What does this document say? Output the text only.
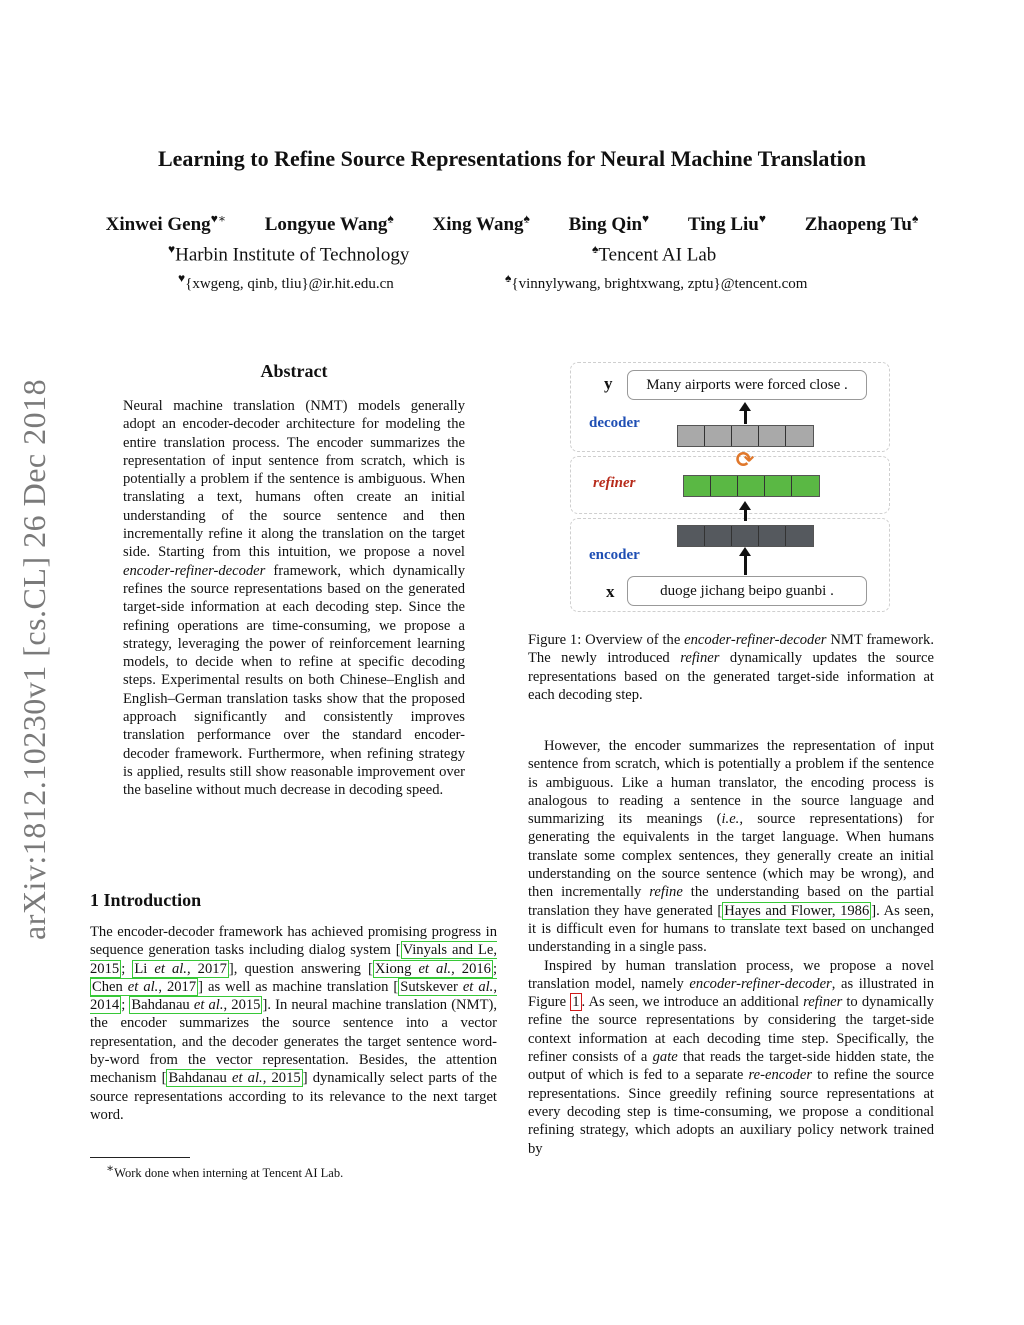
Learning to Refine Source Representations for Neural Machine Translation
Xinwei Geng♥∗ Longyue Wang♠ Xing Wang♠ Bing Qin♥ Ting Liu♥ Zhaopeng Tu♠
♥Harbin Institute of Technology	♠Tencent AI Lab
♥{xwgeng, qinb, tliu}@ir.hit.edu.cn	♠{vinnylywang, brightxwang, zptu}@tencent.com
arXiv:1812.10230v1 [cs.CL] 26 Dec 2018
Abstract
Neural machine translation (NMT) models generally adopt an encoder-decoder architecture for modeling the entire translation process. The encoder summarizes the representation of input sentence from scratch, which is potentially a problem if the sentence is ambiguous. When translating a text, humans often create an initial understanding of the source sentence and then incrementally refine it along the translation on the target side. Starting from this intuition, we propose a novel encoder-refiner-decoder framework, which dynamically refines the source representations based on the generated target-side information at each decoding step. Since the refining operations are time-consuming, we propose a strategy, leveraging the power of reinforcement learning models, to decide when to refine at specific decoding steps. Experimental results on both Chinese–English and English–German translation tasks show that the proposed approach significantly and consistently improves translation performance over the standard encoder-decoder framework. Furthermore, when refining strategy is applied, results still show reasonable improvement over the baseline without much decrease in decoding speed.
1 Introduction
The encoder-decoder framework has achieved promising progress in sequence generation tasks including dialog system [ Vinyals and Le, 2015 ; Li et al., 2017 ], question answering [ Xiong et al., 2016 ; Chen et al., 2017 ] as well as machine translation [ Sutskever et al., 2014 ; Bahdanau et al., 2015 ]. In neural machine translation (NMT), the encoder summarizes the source sentence into a vector representation, and the decoder generates the target sentence word-by-word from the vector representation. Besides, the attention mechanism [ Bahdanau et al., 2015 ] dynamically select parts of the source representations according to its relevance to the next target word.
∗Work done when interning at Tencent AI Lab.
y	Many airports were forced close .
decoder
⟳
refiner
encoder
x	duoge jichang beipo guanbi .
Figure 1: Overview of the encoder-refiner-decoder NMT framework. The newly introduced refiner dynamically updates the source representations based on the generated target-side information at each decoding step.

However, the encoder summarizes the representation of input sentence from scratch, which is potentially a problem if the sentence is ambiguous. Like a human translator, the encoding process is analogous to reading a sentence in the source language and summarizing its meanings (i.e., source representations) for generating the equivalents in the target language. When humans translate some complex sentences, they generally create an initial understanding on the source sentence (which may be wrong), and then incrementally refine the understanding based on the partial translation they have generated [ Hayes and Flower, 1986 ]. As seen, it is difficult even for humans to translate text based on unchanged understanding in a single pass.

Inspired by human translation process, we propose a novel translation model, namely encoder-refiner-decoder, as illustrated in Figure 1 . As seen, we introduce an additional refiner to dynamically refine the source representations by considering the target-side context information at each decoding time step. Specifically, the refiner consists of a gate that reads the target-side hidden state, the output of which is fed to a separate re-encoder to refine the source representations. Since greedily refining source representations at every decoding step is time-consuming, we propose a conditional refining strategy, which adopts an auxiliary policy network trained by
